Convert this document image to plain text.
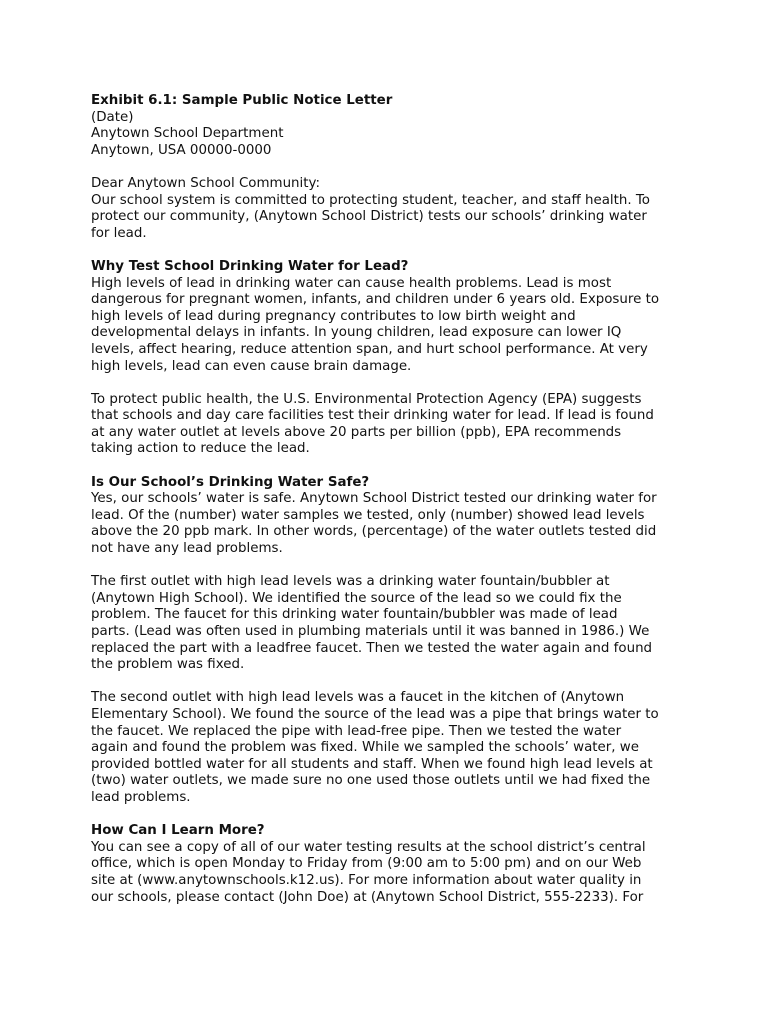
Exhibit 6.1: Sample Public Notice Letter
(Date)
Anytown School Department
Anytown, USA 00000-0000
Dear Anytown School Community:
Our school system is committed to protecting student, teacher, and staff health. To
protect our community, (Anytown School District) tests our schools’ drinking water
for lead.
Why Test School Drinking Water for Lead?
High levels of lead in drinking water can cause health problems. Lead is most
dangerous for pregnant women, infants, and children under 6 years old. Exposure to
high levels of lead during pregnancy contributes to low birth weight and
developmental delays in infants. In young children, lead exposure can lower IQ
levels, affect hearing, reduce attention span, and hurt school performance. At very
high levels, lead can even cause brain damage.
To protect public health, the U.S. Environmental Protection Agency (EPA) suggests
that schools and day care facilities test their drinking water for lead. If lead is found
at any water outlet at levels above 20 parts per billion (ppb), EPA recommends
taking action to reduce the lead.
Is Our School’s Drinking Water Safe?
Yes, our schools’ water is safe. Anytown School District tested our drinking water for
lead. Of the (number) water samples we tested, only (number) showed lead levels
above the 20 ppb mark. In other words, (percentage) of the water outlets tested did
not have any lead problems.
The first outlet with high lead levels was a drinking water fountain/bubbler at
(Anytown High School). We identified the source of the lead so we could fix the
problem. The faucet for this drinking water fountain/bubbler was made of lead
parts. (Lead was often used in plumbing materials until it was banned in 1986.) We
replaced the part with a leadfree faucet. Then we tested the water again and found
the problem was fixed.
The second outlet with high lead levels was a faucet in the kitchen of (Anytown
Elementary School). We found the source of the lead was a pipe that brings water to
the faucet. We replaced the pipe with lead-free pipe. Then we tested the water
again and found the problem was fixed. While we sampled the schools’ water, we
provided bottled water for all students and staff. When we found high lead levels at
(two) water outlets, we made sure no one used those outlets until we had fixed the
lead problems.
How Can I Learn More?
You can see a copy of all of our water testing results at the school district’s central
office, which is open Monday to Friday from (9:00 am to 5:00 pm) and on our Web
site at (www.anytownschools.k12.us). For more information about water quality in
our schools, please contact (John Doe) at (Anytown School District, 555-2233). For
